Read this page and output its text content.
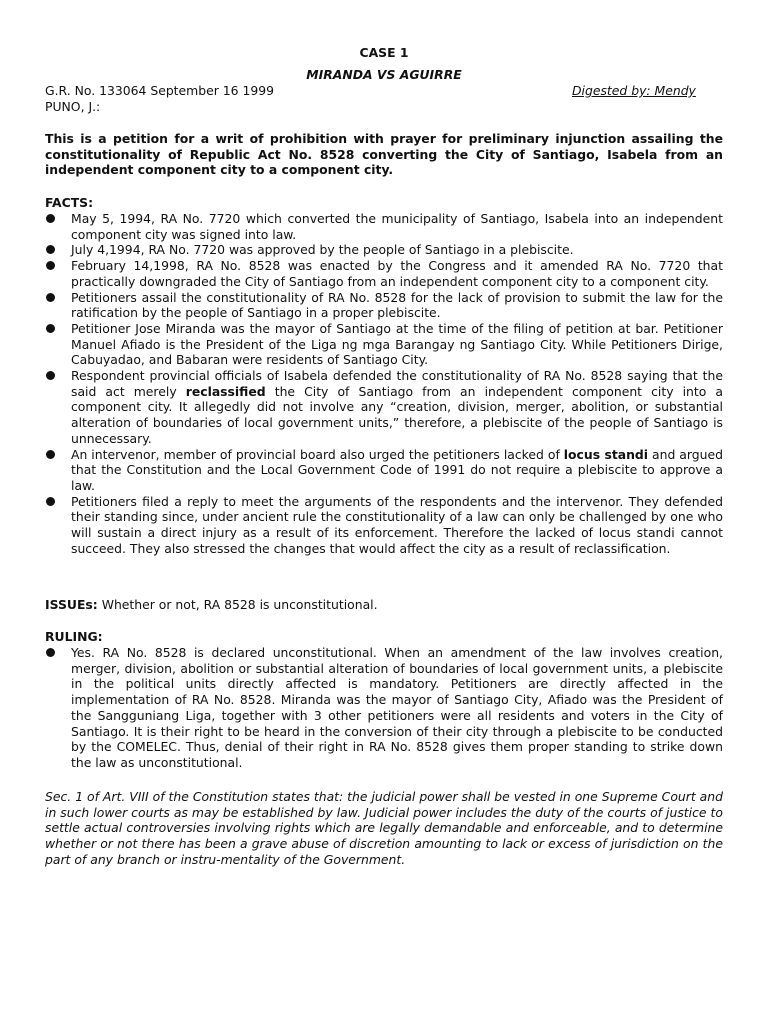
CASE 1
MIRANDA VS AGUIRRE
G.R. No. 133064 September 16 1999	Digested by: Mendy
PUNO, J.:
This is a petition for a writ of prohibition with prayer for preliminary injunction assailing the constitutionality of Republic Act No. 8528 converting the City of Santiago, Isabela from an independent component city to a component city.
FACTS:
May 5, 1994, RA No. 7720 which converted the municipality of Santiago, Isabela into an independent component city was signed into law.
July 4,1994, RA No. 7720 was approved by the people of Santiago in a plebiscite.
February 14,1998, RA No. 8528 was enacted by the Congress and it amended RA No. 7720 that practically downgraded the City of Santiago from an independent component city to a component city.
Petitioners assail the constitutionality of RA No. 8528 for the lack of provision to submit the law for the ratification by the people of Santiago in a proper plebiscite.
Petitioner Jose Miranda was the mayor of Santiago at the time of the filing of petition at bar. Petitioner Manuel Afiado is the President of the Liga ng mga Barangay ng Santiago City. While Petitioners Dirige, Cabuyadao, and Babaran were residents of Santiago City.
Respondent provincial officials of Isabela defended the constitutionality of RA No. 8528 saying that the said act merely reclassified the City of Santiago from an independent component city into a component city. It allegedly did not involve any “creation, division, merger, abolition, or substantial alteration of boundaries of local government units,” therefore, a plebiscite of the people of Santiago is unnecessary.
An intervenor, member of provincial board also urged the petitioners lacked of locus standi and argued that the Constitution and the Local Government Code of 1991 do not require a plebiscite to approve a law.
Petitioners filed a reply to meet the arguments of the respondents and the intervenor. They defended their standing since, under ancient rule the constitutionality of a law can only be challenged by one who will sustain a direct injury as a result of its enforcement. Therefore the lacked of locus standi cannot succeed. They also stressed the changes that would affect the city as a result of reclassification.
ISSUEs: Whether or not, RA 8528 is unconstitutional.
RULING:
Yes. RA No. 8528 is declared unconstitutional. When an amendment of the law involves creation, merger, division, abolition or substantial alteration of boundaries of local government units, a plebiscite in the political units directly affected is mandatory. Petitioners are directly affected in the implementation of RA No. 8528. Miranda was the mayor of Santiago City, Afiado was the President of the Sangguniang Liga, together with 3 other petitioners were all residents and voters in the City of Santiago. It is their right to be heard in the conversion of their city through a plebiscite to be conducted by the COMELEC. Thus, denial of their right in RA No. 8528 gives them proper standing to strike down the law as unconstitutional.
Sec. 1 of Art. VIII of the Constitution states that: the judicial power shall be vested in one Supreme Court and in such lower courts as may be established by law. Judicial power includes the duty of the courts of justice to settle actual controversies involving rights which are legally demandable and enforceable, and to determine whether or not there has been a grave abuse of discretion amounting to lack or excess of jurisdiction on the part of any branch or instru-mentality of the Government.
